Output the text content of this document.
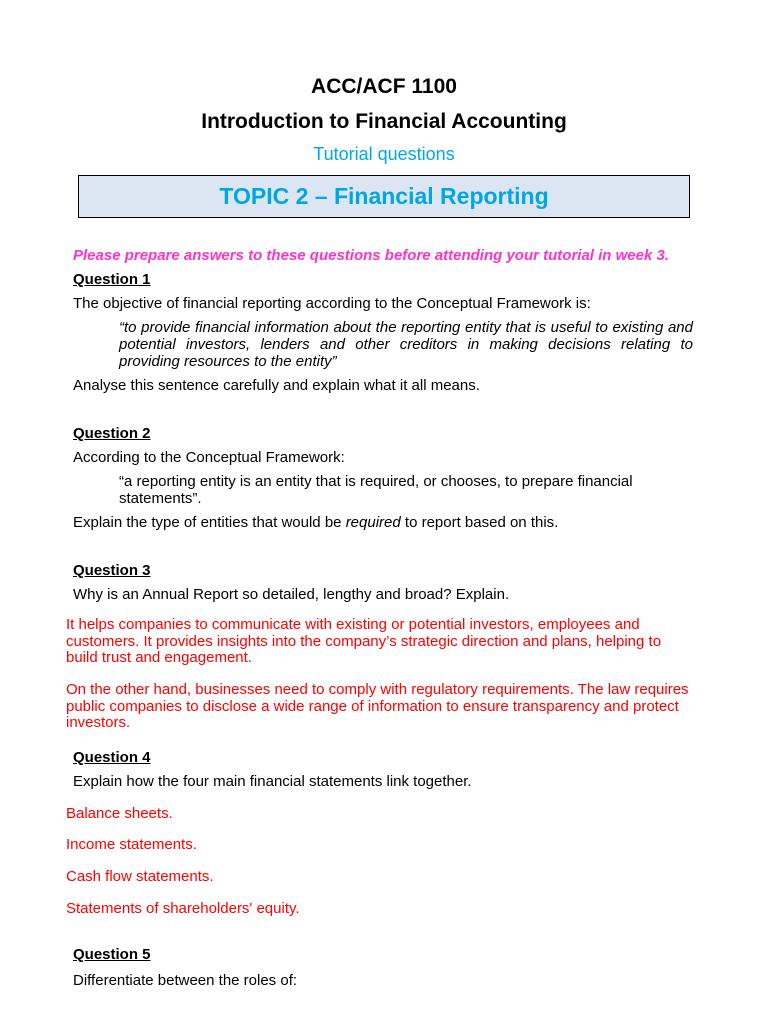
ACC/ACF 1100
Introduction to Financial Accounting
Tutorial questions
TOPIC 2 – Financial Reporting
Please prepare answers to these questions before attending your tutorial in week 3.
Question 1
The objective of financial reporting according to the Conceptual Framework is:
“to provide financial information about the reporting entity that is useful to existing and potential investors, lenders and other creditors in making decisions relating to providing resources to the entity”
Analyse this sentence carefully and explain what it all means.
Question 2
According to the Conceptual Framework:
“a reporting entity is an entity that is required, or chooses, to prepare financial statements”.
Explain the type of entities that would be required to report based on this.
Question 3
Why is an Annual Report so detailed, lengthy and broad? Explain.
It helps companies to communicate with existing or potential investors, employees and customers. It provides insights into the company’s strategic direction and plans, helping to build trust and engagement.
On the other hand, businesses need to comply with regulatory requirements. The law requires public companies to disclose a wide range of information to ensure transparency and protect investors.
Question 4
Explain how the four main financial statements link together.
Balance sheets.
Income statements.
Cash flow statements.
Statements of shareholders' equity.
Question 5
Differentiate between the roles of:
